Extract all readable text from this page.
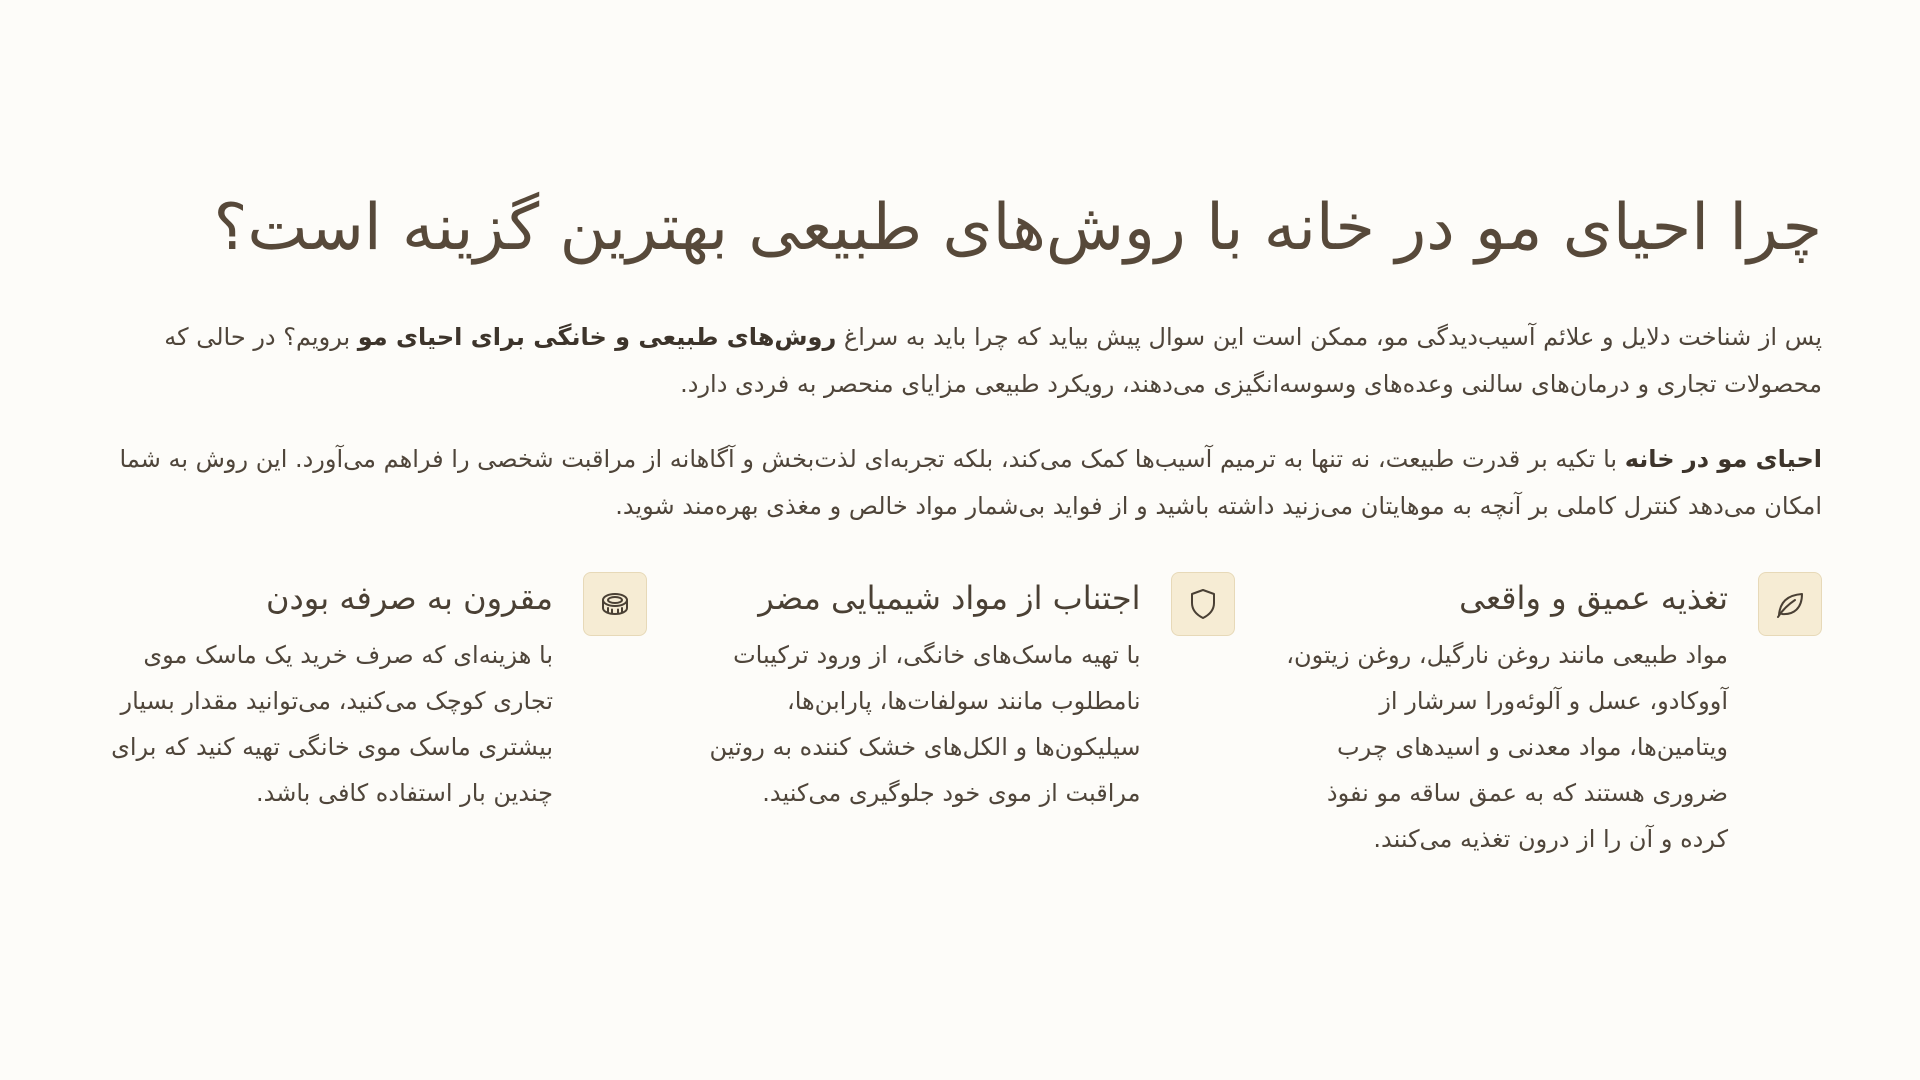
چرا احیای مو در خانه با روش‌های طبیعی بهترین گزینه است؟

پس از شناخت دلایل و علائم آسیب‌دیدگی مو، ممکن است این سوال پیش بیاید که چرا باید به سراغ روش‌های طبیعی و خانگی برای احیای مو برویم؟ در حالی که محصولات تجاری و درمان‌های سالنی وعده‌های وسوسه‌انگیزی می‌دهند، رویکرد طبیعی مزایای منحصر به فردی دارد.

احیای مو در خانه با تکیه بر قدرت طبیعت، نه تنها به ترمیم آسیب‌ها کمک می‌کند، بلکه تجربه‌ای لذت‌بخش و آگاهانه از مراقبت شخصی را فراهم می‌آورد. این روش به شما امکان می‌دهد کنترل کاملی بر آنچه به موهایتان می‌زنید داشته باشید و از فواید بی‌شمار مواد خالص و مغذی بهره‌مند شوید.

تغذیه عمیق و واقعی

مواد طبیعی مانند روغن نارگیل، روغن زیتون، آووکادو، عسل و آلوئه‌ورا سرشار از ویتامین‌ها، مواد معدنی و اسیدهای چرب ضروری هستند که به عمق ساقه مو نفوذ کرده و آن را از درون تغذیه می‌کنند.

اجتناب از مواد شیمیایی مضر

با تهیه ماسک‌های خانگی، از ورود ترکیبات نامطلوب مانند سولفات‌ها، پارابن‌ها، سیلیکون‌ها و الکل‌های خشک کننده به روتین مراقبت از موی خود جلوگیری می‌کنید.

مقرون به صرفه بودن

با هزینه‌ای که صرف خرید یک ماسک موی تجاری کوچک می‌کنید، می‌توانید مقدار بسیار بیشتری ماسک موی خانگی تهیه کنید که برای چندین بار استفاده کافی باشد.
